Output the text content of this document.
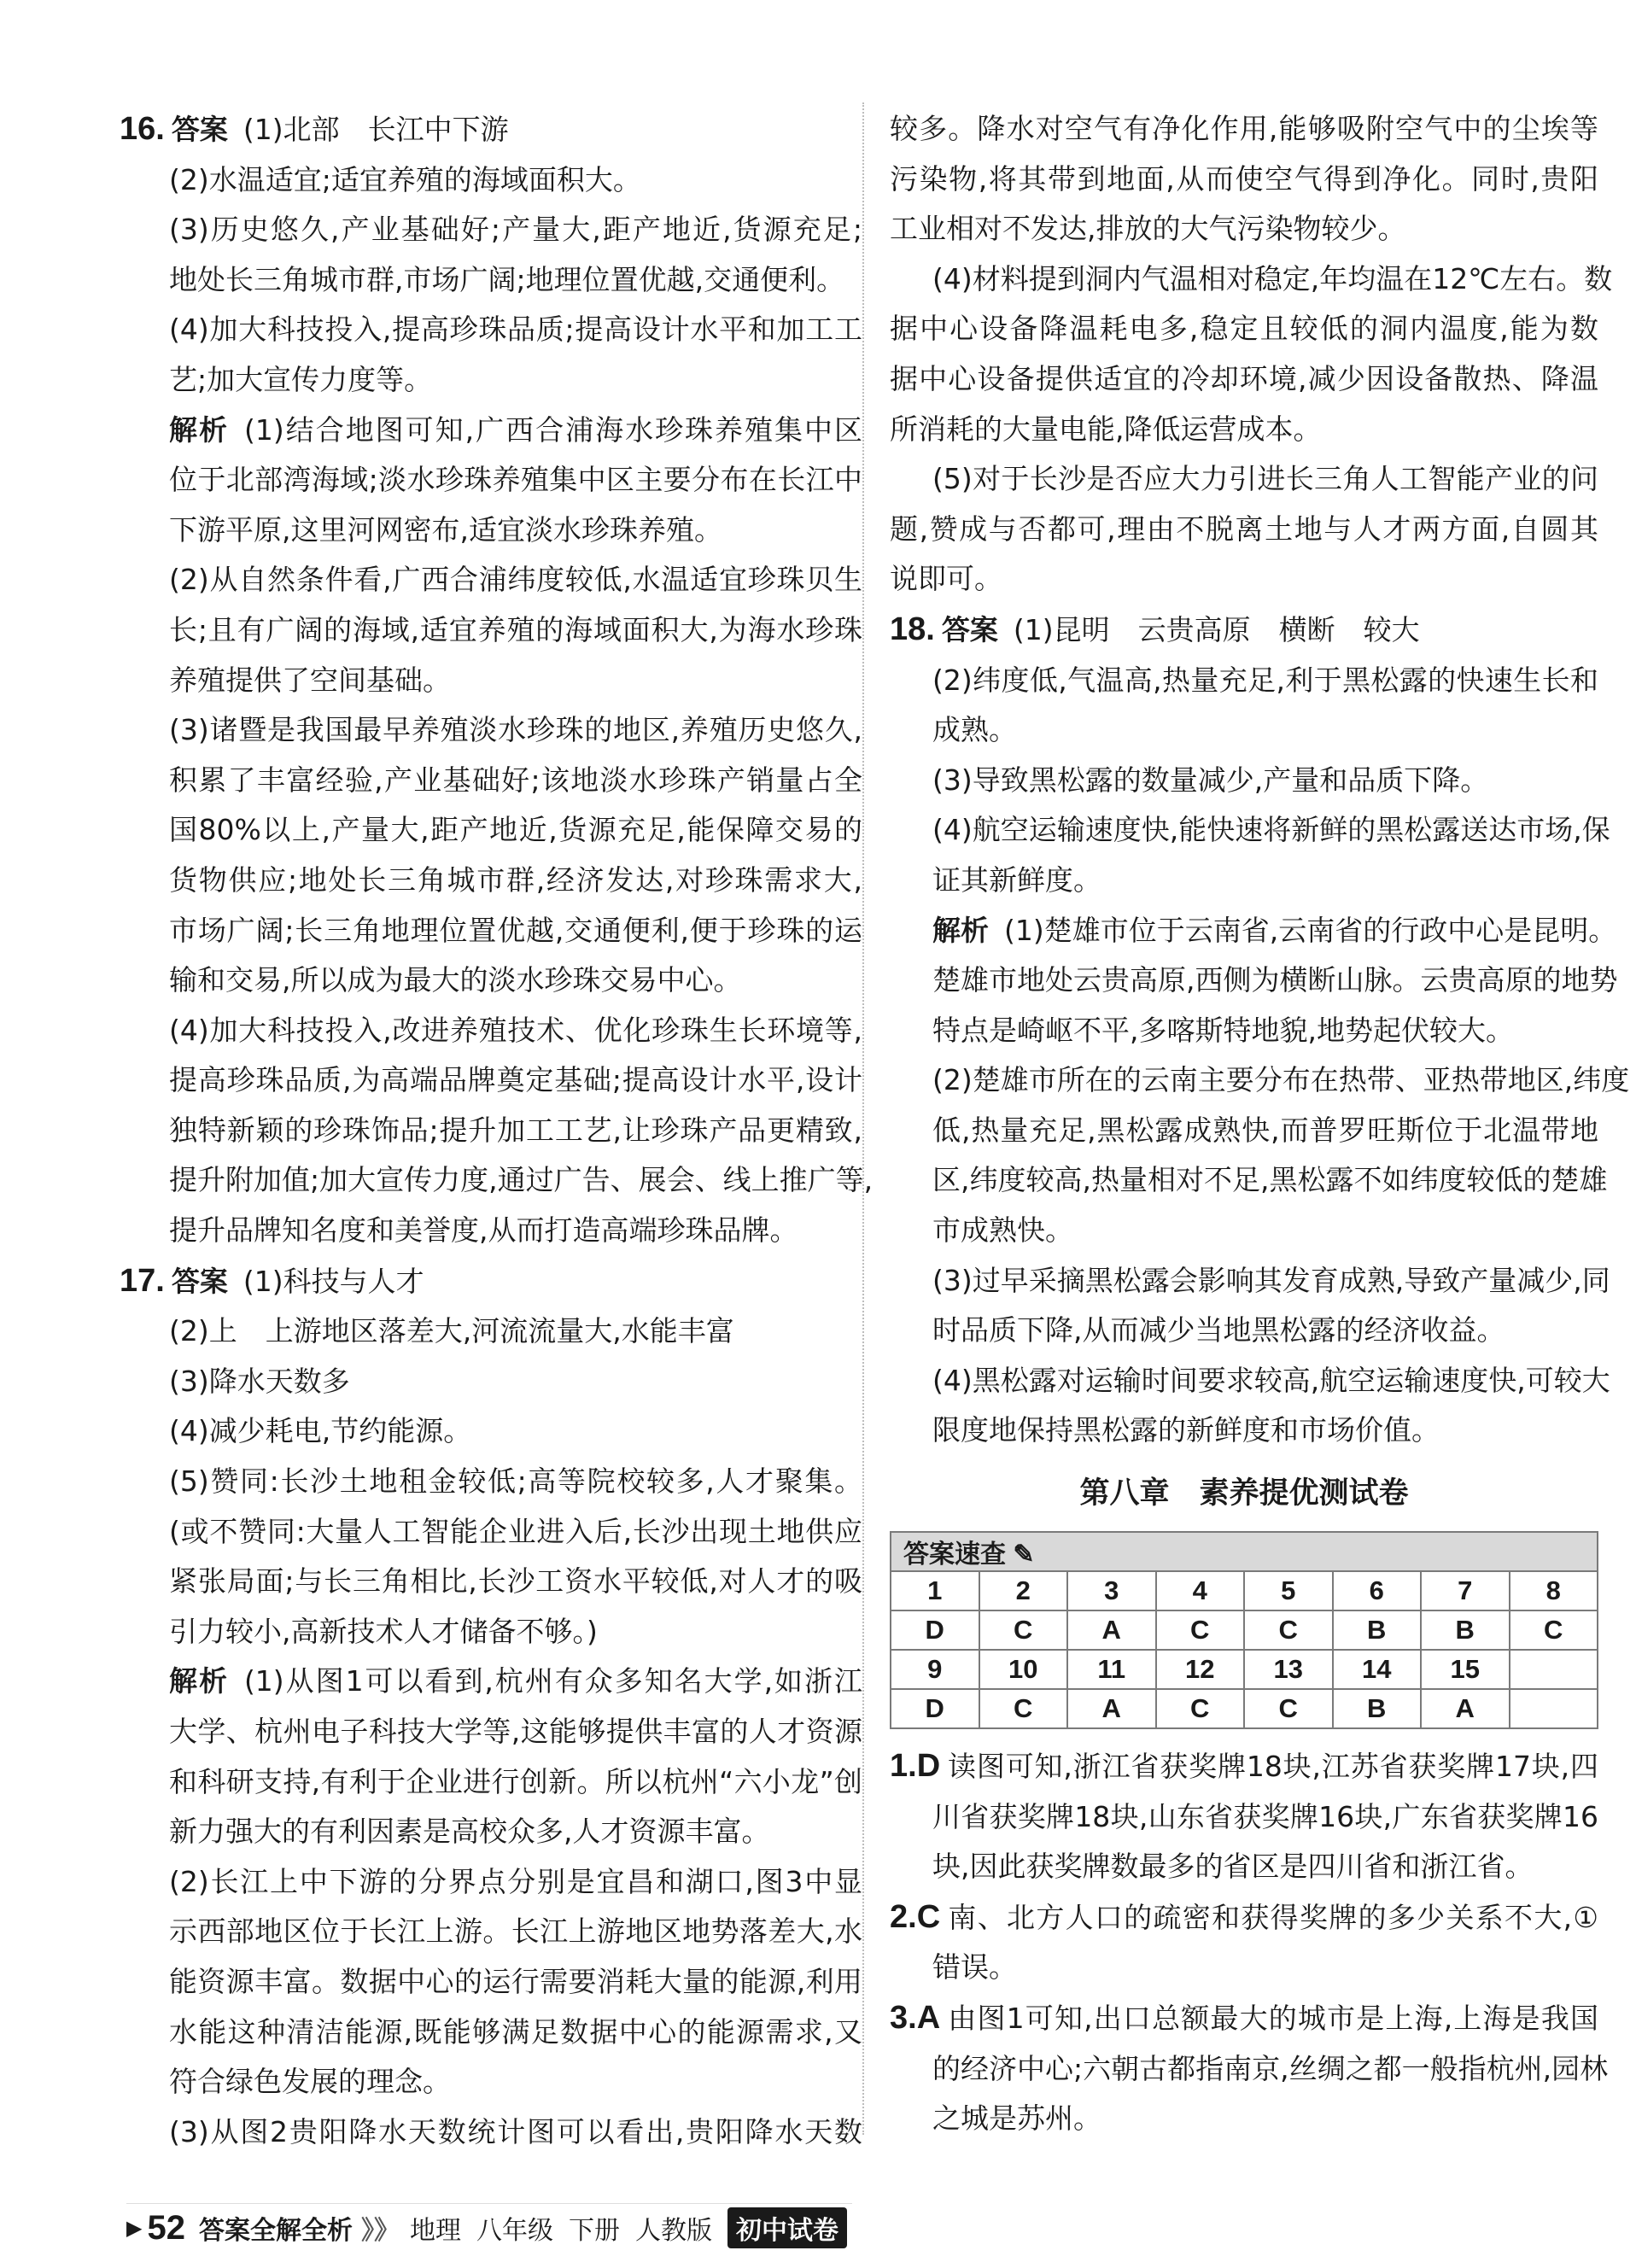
16. 答案 (1)北部　长江中下游
(2)水温适宜;适宜养殖的海域面积大。
(3)历史悠久,产业基础好;产量大,距产地近,货源充足;
地处长三角城市群,市场广阔;地理位置优越,交通便利。
(4)加大科技投入,提高珍珠品质;提高设计水平和加工工
艺;加大宣传力度等。
解析 (1)结合地图可知,广西合浦海水珍珠养殖集中区
位于北部湾海域;淡水珍珠养殖集中区主要分布在长江中
下游平原,这里河网密布,适宜淡水珍珠养殖。
(2)从自然条件看,广西合浦纬度较低,水温适宜珍珠贝生
长;且有广阔的海域,适宜养殖的海域面积大,为海水珍珠
养殖提供了空间基础。
(3)诸暨是我国最早养殖淡水珍珠的地区,养殖历史悠久,
积累了丰富经验,产业基础好;该地淡水珍珠产销量占全
国80%以上,产量大,距产地近,货源充足,能保障交易的
货物供应;地处长三角城市群,经济发达,对珍珠需求大,
市场广阔;长三角地理位置优越,交通便利,便于珍珠的运
输和交易,所以成为最大的淡水珍珠交易中心。
(4)加大科技投入,改进养殖技术、优化珍珠生长环境等,
提高珍珠品质,为高端品牌奠定基础;提高设计水平,设计
独特新颖的珍珠饰品;提升加工工艺,让珍珠产品更精致,
提升附加值;加大宣传力度,通过广告、展会、线上推广等,
提升品牌知名度和美誉度,从而打造高端珍珠品牌。
17. 答案 (1)科技与人才
(2)上　上游地区落差大,河流流量大,水能丰富
(3)降水天数多
(4)减少耗电,节约能源。
(5)赞同:长沙土地租金较低;高等院校较多,人才聚集。
(或不赞同:大量人工智能企业进入后,长沙出现土地供应
紧张局面;与长三角相比,长沙工资水平较低,对人才的吸
引力较小,高新技术人才储备不够。)
解析 (1)从图1可以看到,杭州有众多知名大学,如浙江
大学、杭州电子科技大学等,这能够提供丰富的人才资源
和科研支持,有利于企业进行创新。所以杭州“六小龙”创
新力强大的有利因素是高校众多,人才资源丰富。
(2)长江上中下游的分界点分别是宜昌和湖口,图3中显
示西部地区位于长江上游。长江上游地区地势落差大,水
能资源丰富。数据中心的运行需要消耗大量的能源,利用
水能这种清洁能源,既能够满足数据中心的能源需求,又
符合绿色发展的理念。
(3)从图2贵阳降水天数统计图可以看出,贵阳降水天数
较多。降水对空气有净化作用,能够吸附空气中的尘埃等
污染物,将其带到地面,从而使空气得到净化。同时,贵阳
工业相对不发达,排放的大气污染物较少。
(4)材料提到洞内气温相对稳定,年均温在12℃左右。数
据中心设备降温耗电多,稳定且较低的洞内温度,能为数
据中心设备提供适宜的冷却环境,减少因设备散热、降温
所消耗的大量电能,降低运营成本。
(5)对于长沙是否应大力引进长三角人工智能产业的问
题,赞成与否都可,理由不脱离土地与人才两方面,自圆其
说即可。
18. 答案 (1)昆明　云贵高原　横断　较大
(2)纬度低,气温高,热量充足,利于黑松露的快速生长和
成熟。
(3)导致黑松露的数量减少,产量和品质下降。
(4)航空运输速度快,能快速将新鲜的黑松露送达市场,保
证其新鲜度。
解析 (1)楚雄市位于云南省,云南省的行政中心是昆明。
楚雄市地处云贵高原,西侧为横断山脉。云贵高原的地势
特点是崎岖不平,多喀斯特地貌,地势起伏较大。
(2)楚雄市所在的云南主要分布在热带、亚热带地区,纬度
低,热量充足,黑松露成熟快,而普罗旺斯位于北温带地
区,纬度较高,热量相对不足,黑松露不如纬度较低的楚雄
市成熟快。
(3)过早采摘黑松露会影响其发育成熟,导致产量减少,同
时品质下降,从而减少当地黑松露的经济收益。
(4)黑松露对运输时间要求较高,航空运输速度快,可较大
限度地保持黑松露的新鲜度和市场价值。
第八章　素养提优测试卷
答案速查 ✎							
1	2	3	4	5	6	7	8
D	C	A	C	C	B	B	C
9	10	11	12	13	14	15	
D	C	A	C	C	B	A	
1.D 读图可知,浙江省获奖牌18块,江苏省获奖牌17块,四
川省获奖牌18块,山东省获奖牌16块,广东省获奖牌16
块,因此获奖牌数最多的省区是四川省和浙江省。
2.C 南、北方人口的疏密和获得奖牌的多少关系不大,①
错误。
3.A 由图1可知,出口总额最大的城市是上海,上海是我国
的经济中心;六朝古都指南京,丝绸之都一般指杭州,园林
之城是苏州。
▶ 52 答案全解全析 》》 地理 八年级 下册 人教版 初中试卷
